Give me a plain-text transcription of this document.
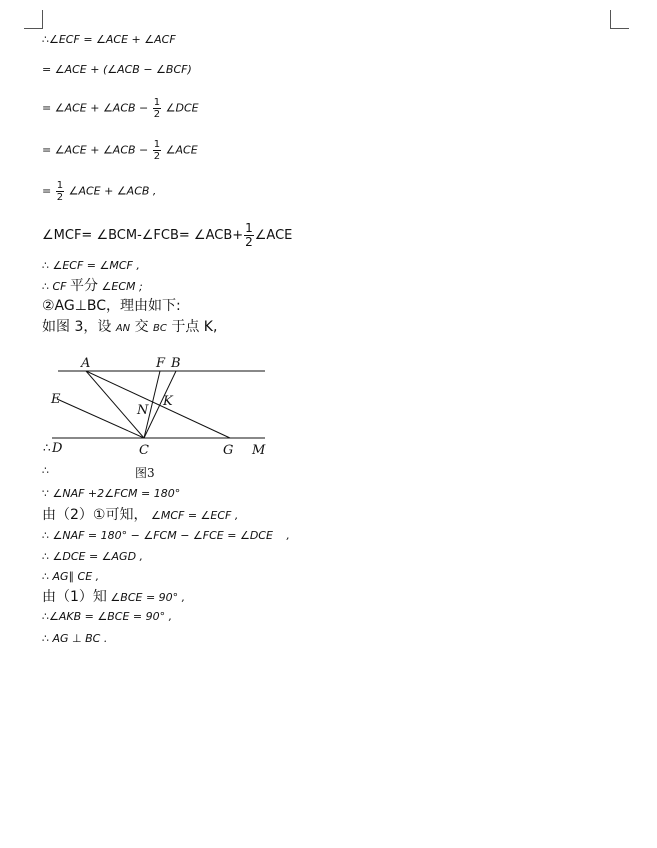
∴∠ECF = ∠ACE + ∠ACF
= ∠ACE + (∠ACB − ∠BCF)
= ∠ACE + ∠ACB − $\frac{1}{2}$ ∠DCE
= ∠ACE + ∠ACB − $\frac{1}{2}$ ∠ACE
= $\frac{1}{2}$ ∠ACE + ∠ACB ,
∠MCF= ∠BCM-∠FCB= ∠ACB+ $\frac{1}{2}$ ∠ACE
∴ ∠ECF = ∠MCF ,
∴ CF 平分 ∠ECM ;
②AG⊥BC，理由如下:
如图 3，设 AN 交 BC 于点 K,
A	F B
E
N
K
∴ D	C	G M
图3
∴
∵ ∠NAF +2∠FCM = 180°
由（2）①可知， ∠MCF = ∠ECF ,
∴ ∠NAF = 180° − ∠FCM − ∠FCE = ∠DCE ,
∴ ∠DCE = ∠AGD ,
∴ AG∥ CE ,
由（1）知 ∠BCE = 90° ,
∴∠AKB = ∠BCE = 90° ,
∴ AG ⊥ BC .
